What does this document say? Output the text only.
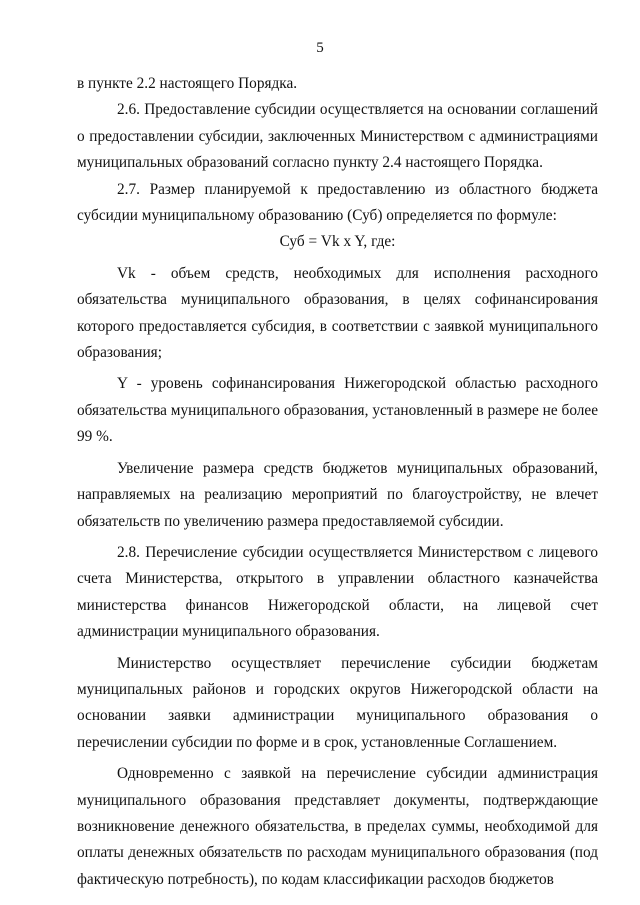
5

в пункте 2.2 настоящего Порядка.

2.6. Предоставление субсидии осуществляется на основании соглашений о предоставлении субсидии, заключенных Министерством с администрациями муниципальных образований согласно пункту 2.4 настоящего Порядка.

2.7. Размер планируемой к предоставлению из областного бюджета субсидии муниципальному образованию (Суб) определяется по формуле:

Суб = Vk x Y, где:

Vk - объем средств, необходимых для исполнения расходного обязательства муниципального образования, в целях софинансирования которого предоставляется субсидия, в соответствии с заявкой муниципального образования;

Y - уровень софинансирования Нижегородской областью расходного обязательства муниципального образования, установленный в размере не более 99 %.

Увеличение размера средств бюджетов муниципальных образований, направляемых на реализацию мероприятий по благоустройству, не влечет обязательств по увеличению размера предоставляемой субсидии.

2.8. Перечисление субсидии осуществляется Министерством с лицевого счета Министерства, открытого в управлении областного казначейства министерства финансов Нижегородской области, на лицевой счет администрации муниципального образования.

Министерство осуществляет перечисление субсидии бюджетам муниципальных районов и городских округов Нижегородской области на основании заявки администрации муниципального образования о перечислении субсидии по форме и в срок, установленные Соглашением.

Одновременно с заявкой на перечисление субсидии администрация муниципального образования представляет документы, подтверждающие возникновение денежного обязательства, в пределах суммы, необходимой для оплаты денежных обязательств по расходам муниципального образования (под фактическую потребность), по кодам классификации расходов бюджетов
